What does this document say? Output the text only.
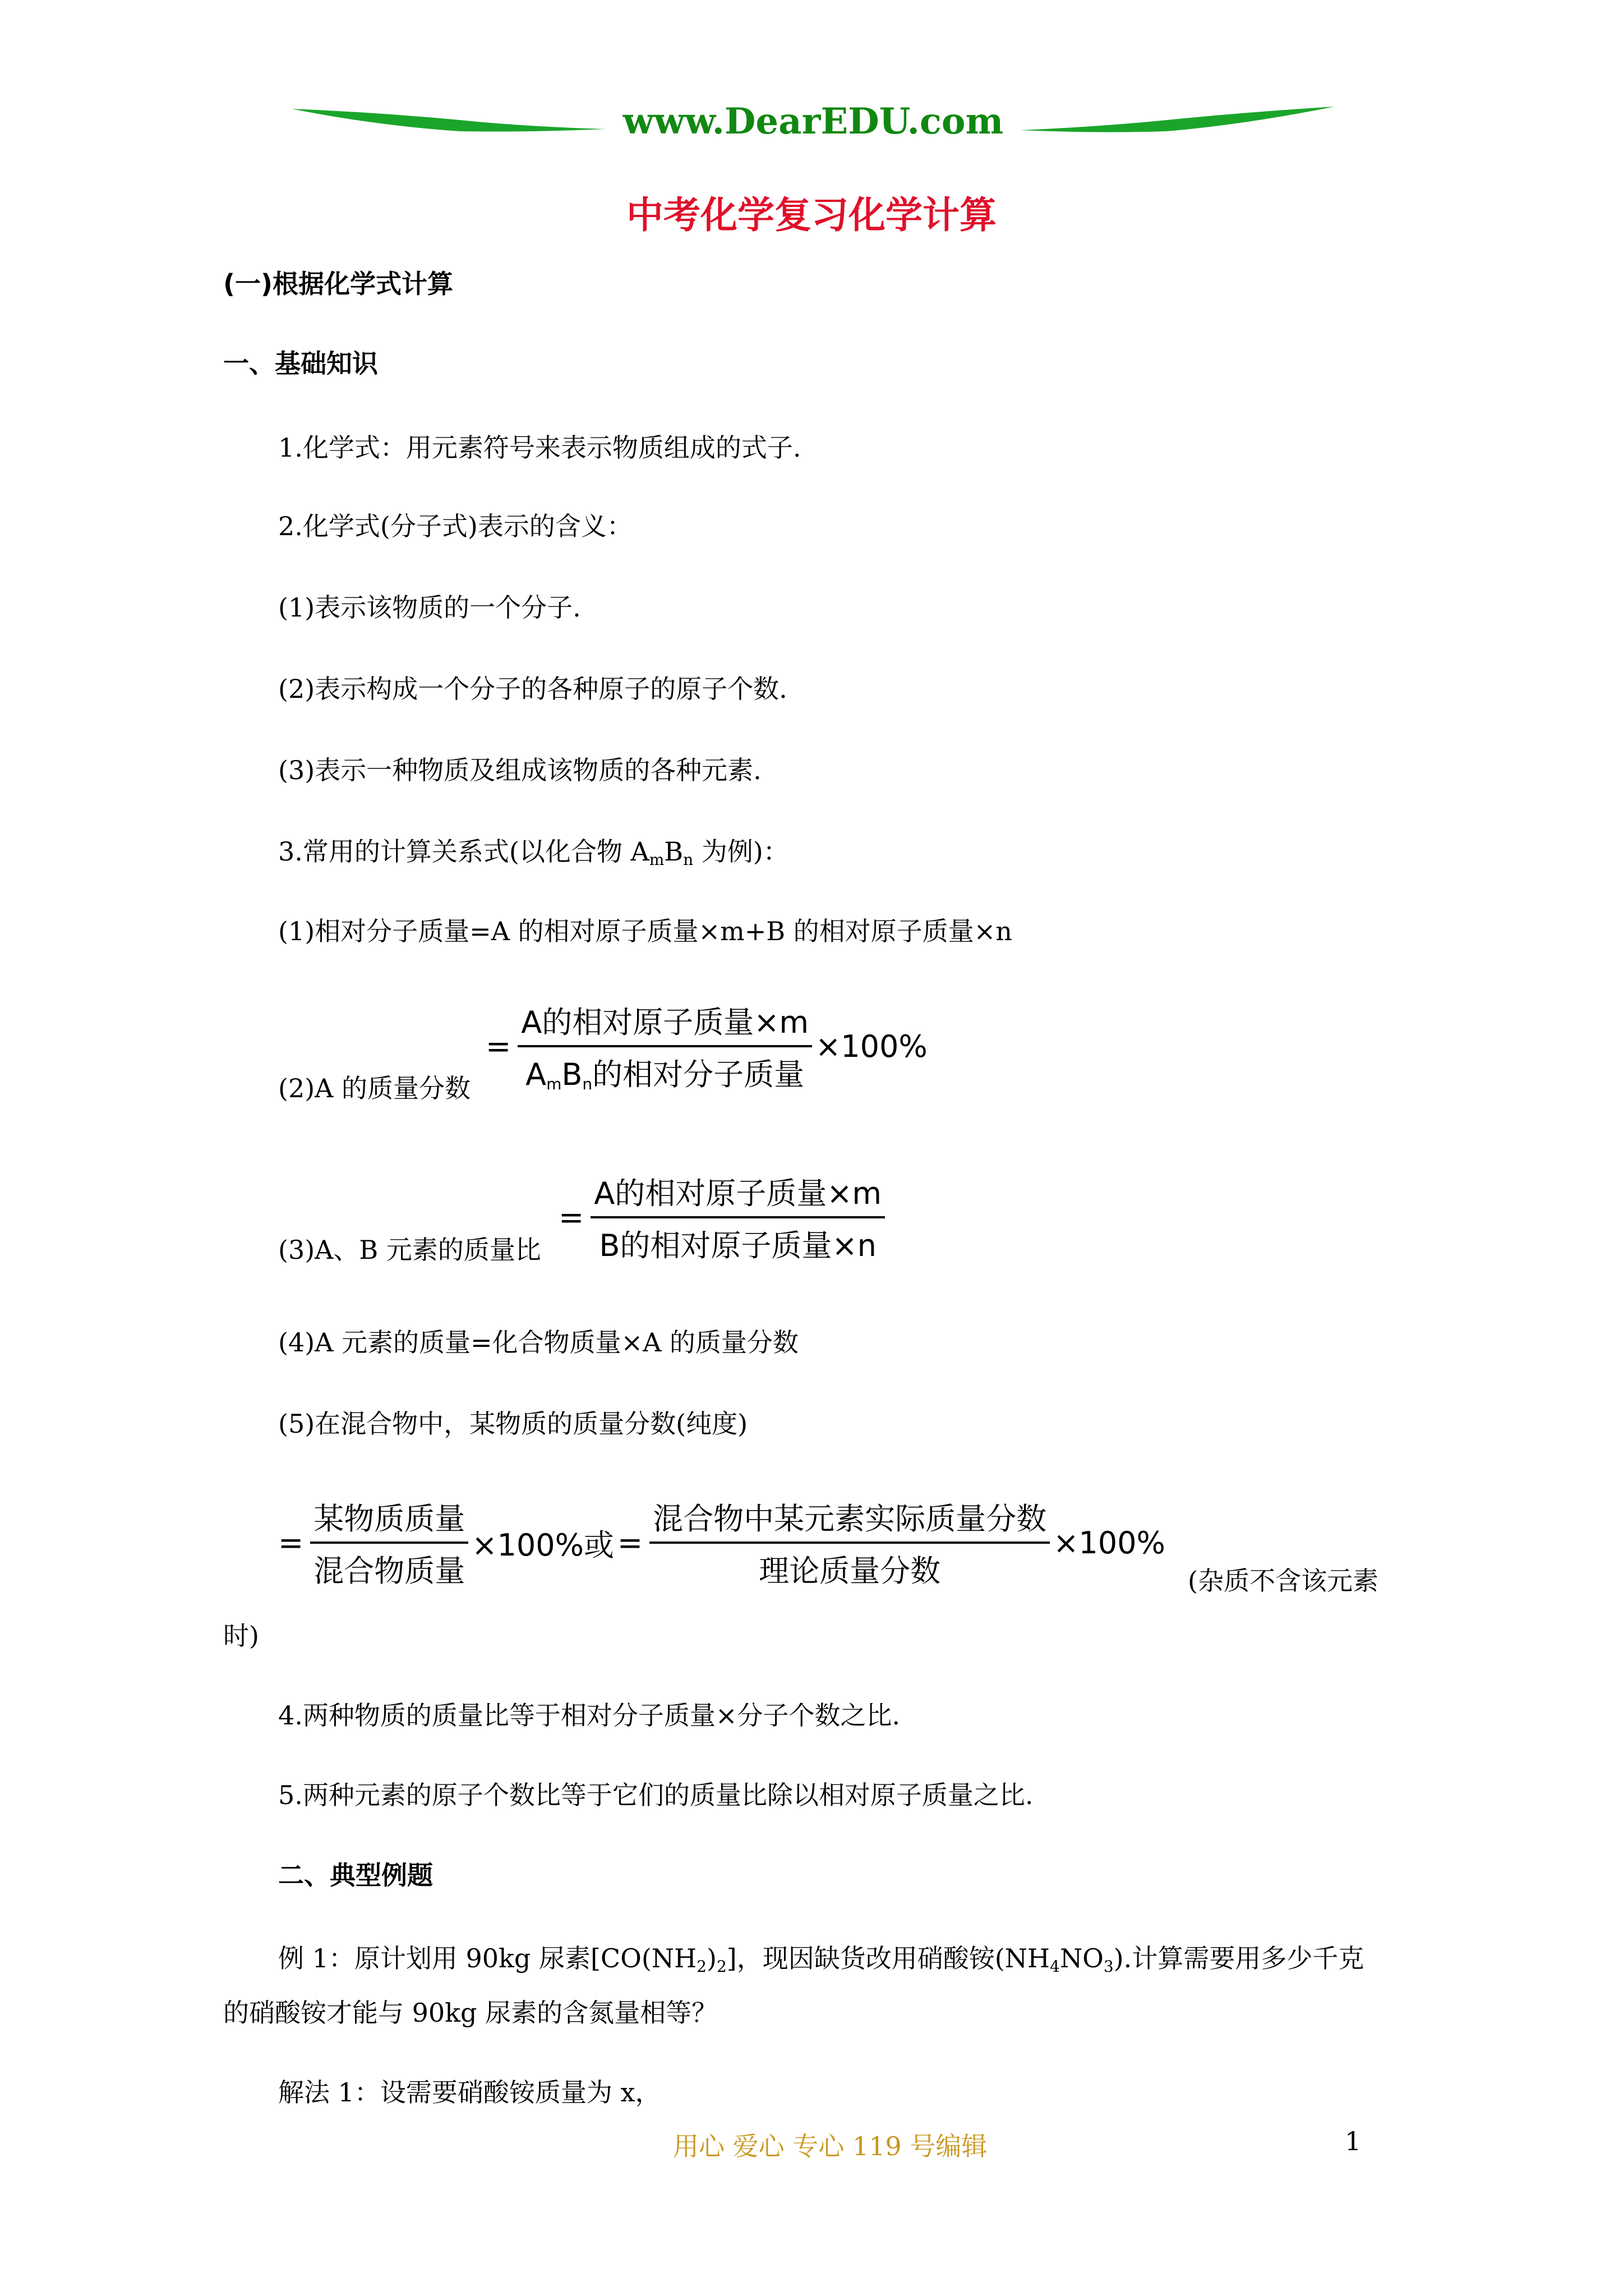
www.DearEDU.com
中考化学复习化学计算
(一)根据化学式计算
一、基础知识
1.化学式：用元素符号来表示物质组成的式子.
2.化学式(分子式)表示的含义：
(1)表示该物质的一个分子.
(2)表示构成一个分子的各种原子的原子个数.
(3)表示一种物质及组成该物质的各种元素.
3.常用的计算关系式(以化合物 $A_mB_n$ 为例)：
(1)相对分子质量=A 的相对原子质量×m+B 的相对原子质量×n
(2)A 的质量分数
= $\frac{\text{A的相对原子质量×m}}{A_mB_n的相对分子质量} \times 100\%$
(3)A、B 元素的质量比
= $\frac{\text{A的相对原子质量×m}}{\text{B的相对原子质量×n}}$
(4)A 元素的质量=化合物质量×A 的质量分数
(5)在混合物中，某物质的质量分数(纯度)
= $\frac{\text{某物质质量}}{\text{混合物质量}} \times 100\%$或 = $\frac{\text{混合物中某元素实际质量分数}}{\text{理论质量分数}} \times 100\%$
(杂质不含该元素
时)
4.两种物质的质量比等于相对分子质量×分子个数之比.
5.两种元素的原子个数比等于它们的质量比除以相对原子质量之比.
二、典型例题
例 1：原计划用 90kg 尿素$[CO(NH_2)_2]$，现因缺货改用硝酸铵$(NH_4NO_3)$.计算需要用多少千克
的硝酸铵才能与 90kg 尿素的含氮量相等？
解法 1：设需要硝酸铵质量为 x，
用心 爱心 专心 119 号编辑	1
